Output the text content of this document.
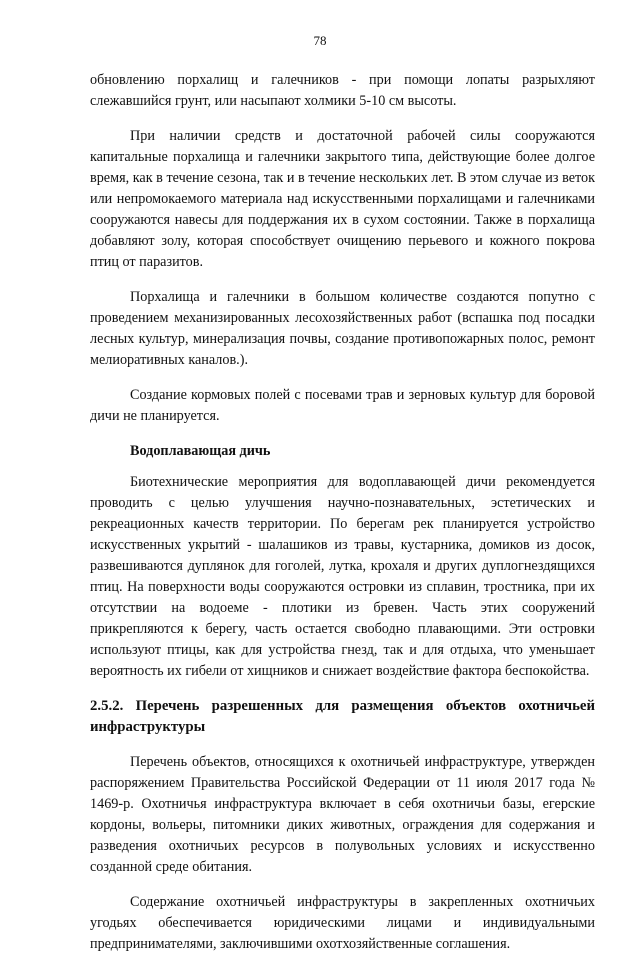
78

обновлению порхалищ и галечников - при помощи лопаты разрыхляют слежавшийся грунт, или насыпают холмики 5-10 см высоты.

При наличии средств и достаточной рабочей силы сооружаются капитальные порхалища и галечники закрытого типа, действующие более долгое время, как в течение сезона, так и в течение нескольких лет. В этом случае из веток или непромокаемого материала над искусственными порхалищами и галечниками сооружаются навесы для поддержания их в сухом состоянии. Также в порхалища добавляют золу, которая способствует очищению перьевого и кожного покрова птиц от паразитов.

Порхалища и галечники в большом количестве создаются попутно с проведением механизированных лесохозяйственных работ (вспашка под посадки лесных культур, минерализация почвы, создание противопожарных полос, ремонт мелиоративных каналов.).

Создание кормовых полей с посевами трав и зерновых культур для боровой дичи не планируется.

Водоплавающая дичь

Биотехнические мероприятия для водоплавающей дичи рекомендуется проводить с целью улучшения научно-познавательных, эстетических и рекреационных качеств территории. По берегам рек планируется устройство искусственных укрытий - шалашиков из травы, кустарника, домиков из досок, развешиваются дуплянок для гоголей, лутка, крохаля и других дуплогнездящихся птиц. На поверхности воды сооружаются островки из сплавин, тростника, при их отсутствии на водоеме - плотики из бревен. Часть этих сооружений прикрепляются к берегу, часть остается свободно плавающими. Эти островки используют птицы, как для устройства гнезд, так и для отдыха, что уменьшает вероятность их гибели от хищников и снижает воздействие фактора беспокойства.

2.5.2. Перечень разрешенных для размещения объектов охотничьей инфраструктуры

Перечень объектов, относящихся к охотничьей инфраструктуре, утвержден распоряжением Правительства Российской Федерации от 11 июля 2017 года № 1469-р. Охотничья инфраструктура включает в себя охотничьи базы, егерские кордоны, вольеры, питомники диких животных, ограждения для содержания и разведения охотничьих ресурсов в полувольных условиях и искусственно созданной среде обитания.

Содержание охотничьей инфраструктуры в закрепленных охотничьих угодьях обеспечивается юридическими лицами и индивидуальными предпринимателями, заключившими охотхозяйственные соглашения.
